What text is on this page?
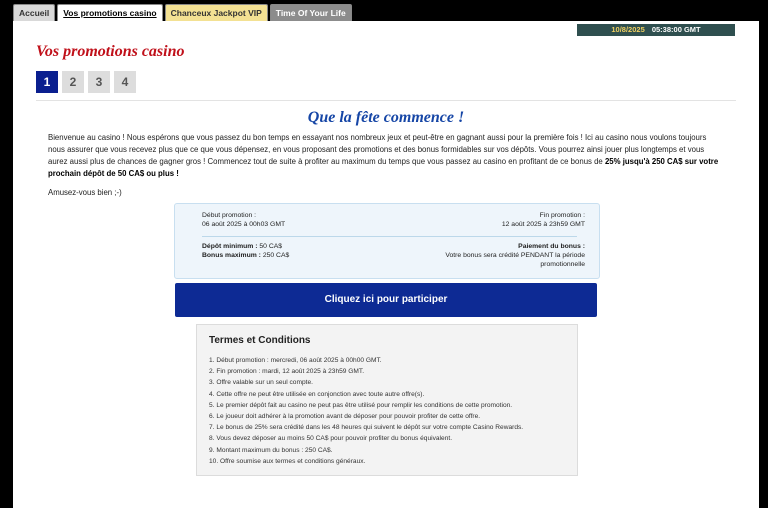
Accueil	Vos promotions casino	Chanceux Jackpot VIP	Time Of Your Life
10/8/2025 05:38:00 GMT
Vos promotions casino
1	2	3	4
Que la fête commence !
Bienvenue au casino ! Nous espérons que vous passez du bon temps en essayant nos nombreux jeux et peut-être en gagnant aussi pour la première fois ! Ici au casino nous voulons toujours nous assurer que vous recevez plus que ce que vous dépensez, en vous proposant des promotions et des bonus formidables sur vos dépôts. Vous pourrez ainsi jouer plus longtemps et vous aurez aussi plus de chances de gagner gros ! Commencez tout de suite à profiter au maximum du temps que vous passez au casino en profitant de ce bonus de 25% jusqu'à 250 CA$ sur votre prochain dépôt de 50 CA$ ou plus !
Amusez-vous bien ;-)
Début promotion :
06 août 2025 à 00h03 GMT
Fin promotion :
12 août 2025 à 23h59 GMT
Dépôt minimum : 50 CA$
Bonus maximum : 250 CA$
Paiement du bonus :
Votre bonus sera crédité PENDANT la période
promotionnelle
Cliquez ici pour participer
Termes et Conditions
1. Début promotion : mercredi, 06 août 2025 à 00h00 GMT.
2. Fin promotion : mardi, 12 août 2025 à 23h59 GMT.
3. Offre valable sur un seul compte.
4. Cette offre ne peut être utilisée en conjonction avec toute autre offre(s).
5. Le premier dépôt fait au casino ne peut pas être utilisé pour remplir les conditions de cette promotion.
6. Le joueur doit adhérer à la promotion avant de déposer pour pouvoir profiter de cette offre.
7. Le bonus de 25% sera crédité dans les 48 heures qui suivent le dépôt sur votre compte Casino Rewards.
8. Vous devez déposer au moins 50 CA$ pour pouvoir profiter du bonus équivalent.
9. Montant maximum du bonus : 250 CA$.
10. Offre soumise aux termes et conditions généraux.
